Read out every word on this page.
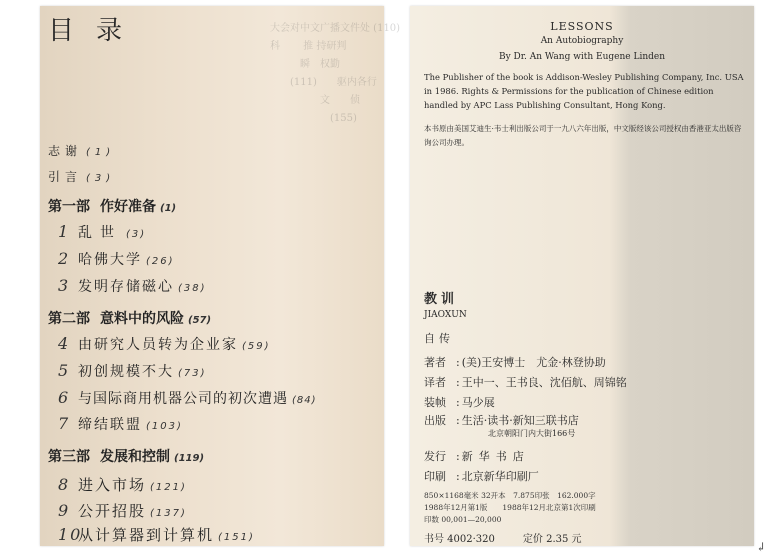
目录	大会对中文广播文件处 (110)
科 　　推 持研判
　　　瞬　权勤
　　(111)　　驱内各行
　　　　　文　　侦
　　　　　　(155)
志谢 (1)
引言 (3)
第一部 作好准备 (1)
1 乱世 (3)
2 哈佛大学 (26)
3 发明存储磁心 (38)
第二部 意料中的风险 (57)
4 由研究人员转为企业家 (59)
5 初创规模不大 (73)
6 与国际商用机器公司的初次遭遇 (84)
7 缔结联盟 (103)
第三部 发展和控制 (119)
8 进入市场 (121)
9 公开招股 (137)
10从计算器到计算机 (151)
LESSONS
An Autobiography
By Dr. An Wang with Eugene Linden
The Publisher of the book is Addison-Wesley Publishing Company, Inc. USA in 1986. Rights & Permissions for the publication of Chinese edition handled by APC Lass Publishing Consultant, Hong Kong.
本书原由美国艾迪生·韦士利出版公司于一九八六年出版，中文版经该公司授权由香港亚太出版咨询公司办理。
教训
JIAOXUN
自传
著者 : (美)王安博士　尤金·林登协助
译者 : 王中一、王书良、沈佰航、周锦铭
装帧 : 马少展
出版 : 生活·读书·新知三联书店
北京朝阳门内大街166号
发行 : 新华书店
印刷 : 北京新华印刷厂
850×1168毫米 32开本　7.875印张　162.000字
1988年12月第1版　　1988年12月北京第1次印刷
印数 00,001—20,000
书号 4002·320	定价 2.35 元
↲
